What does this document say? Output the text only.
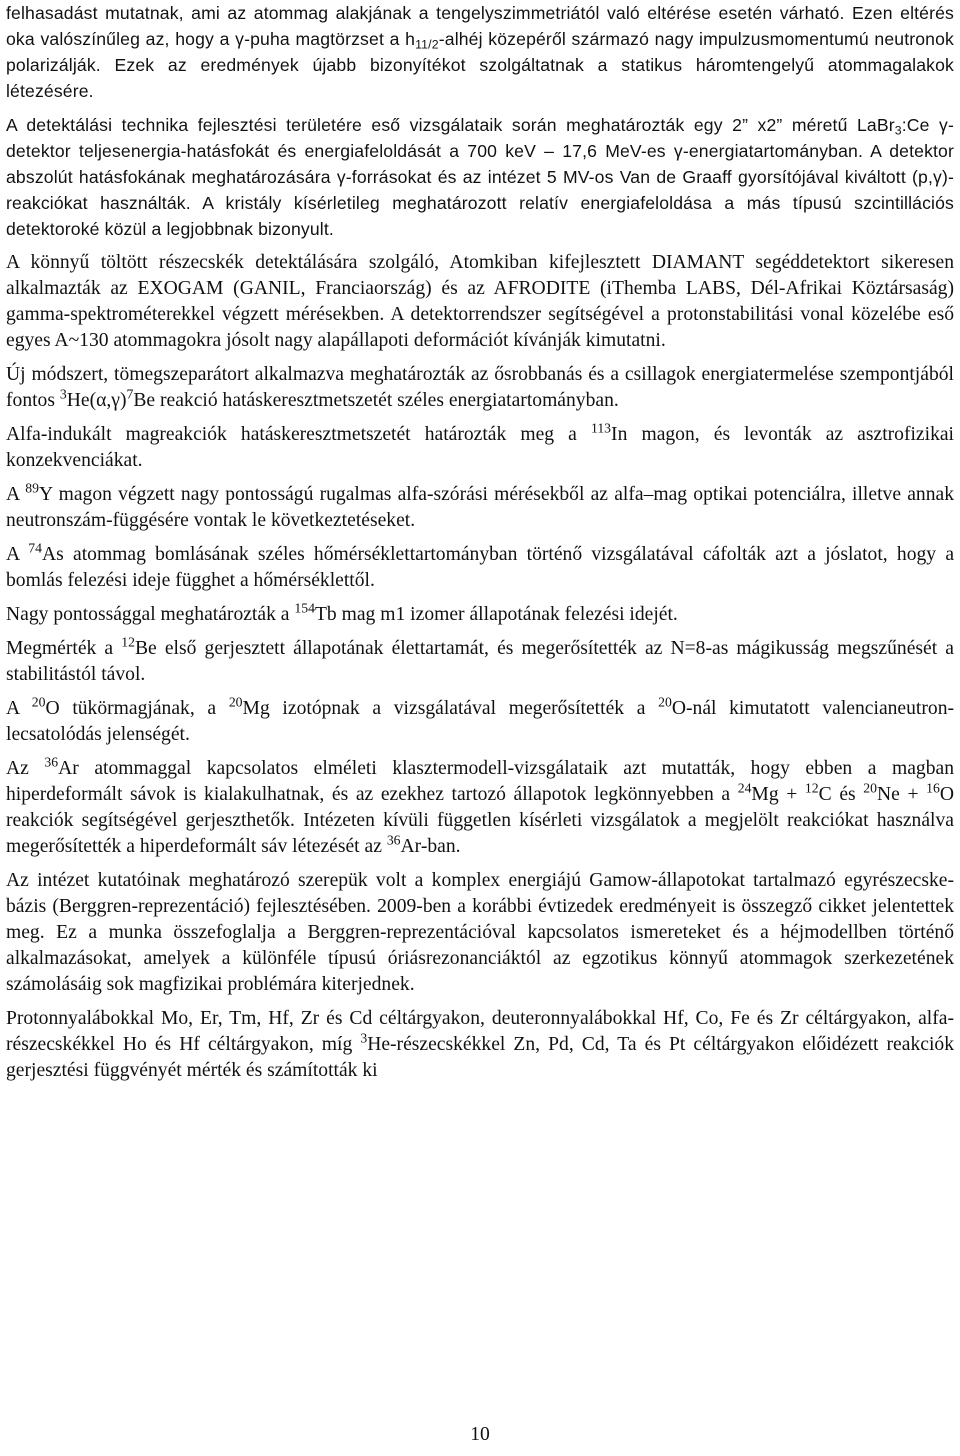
felhasadást mutatnak, ami az atommag alakjának a tengelyszimmetriától való eltérése esetén várható. Ezen eltérés oka valószínűleg az, hogy a γ-puha magtörzset a $h_{11/2}$-alhéj közepéről származó nagy impulzusmomentumú neutronok polarizálják. Ezek az eredmények újabb bizonyítékot szolgáltatnak a statikus háromtengelyű atommagalakok létezésére.

A detektálási technika fejlesztési területére eső vizsgálataik során meghatározták egy 2” x2” méretű LaBr$_3$:Ce γ-detektor teljesenergia-hatásfokát és energiafeloldását a 700 keV – 17,6 MeV-es γ-energiatartományban. A detektor abszolút hatásfokának meghatározására γ-forrásokat és az intézet 5 MV-os Van de Graaff gyorsítójával kiváltott (p,γ)-reakciókat használták. A kristály kísérletileg meghatározott relatív energiafeloldása a más típusú szcintillációs detektoroké közül a legjobbnak bizonyult.

A könnyű töltött részecskék detektálására szolgáló, Atomkiban kifejlesztett DIAMANT segéddetektort sikeresen alkalmazták az EXOGAM (GANIL, Franciaország) és az AFRODITE (iThemba LABS, Dél-Afrikai Köztársaság) gamma-spektrométerekkel végzett mérésekben. A detektorrendszer segítségével a protonstabilitási vonal közelébe eső egyes A~130 atommagokra jósolt nagy alapállapoti deformációt kívánják kimutatni.

Új módszert, tömegszeparátort alkalmazva meghatározták az ősrobbanás és a csillagok energiatermelése szempontjából fontos $^3He(\alpha,\gamma)^7Be$ reakció hatáskeresztmetszetét széles energiatartományban.

Alfa-indukált magreakciók hatáskeresztmetszetét határozták meg a $^{113}$In magon, és levonták az asztrofizikai konzekvenciákat.

A $^{89}$Y magon végzett nagy pontosságú rugalmas alfa-szórási mérésekből az alfa–mag optikai potenciálra, illetve annak neutronszám-függésére vontak le következtetéseket.

A $^{74}$As atommag bomlásának széles hőmérséklettartományban történő vizsgálatával cáfolták azt a jóslatot, hogy a bomlás felezési ideje függhet a hőmérséklettől.

Nagy pontossággal meghatározták a $^{154}$Tb mag m1 izomer állapotának felezési idejét.

Megmérték a $^{12}$Be első gerjesztett állapotának élettartamát, és megerősítették az N=8-as mágikusság megszűnését a stabilitástól távol.

A $^{20}$O tükörmagjának, a $^{20}$Mg izotópnak a vizsgálatával megerősítették a $^{20}$O-nál kimutatott valencianeutron-lecsatolódás jelenségét.

Az $^{36}$Ar atommaggal kapcsolatos elméleti klasztermodell-vizsgálataik azt mutatták, hogy ebben a magban hiperdeformált sávok is kialakulhatnak, és az ezekhez tartozó állapotok legkönnyebben a $^{24}$Mg + $^{12}$C és $^{20}$Ne + $^{16}$O reakciók segítségével gerjeszthetők. Intézeten kívüli független kísérleti vizsgálatok a megjelölt reakciókat használva megerősítették a hiperdeformált sáv létezését az $^{36}$Ar-ban.

Az intézet kutatóinak meghatározó szerepük volt a komplex energiájú Gamow-állapotokat tartalmazó egyrészecske-bázis (Berggren-reprezentáció) fejlesztésében. 2009-ben a korábbi évtizedek eredményeit is összegző cikket jelentettek meg. Ez a munka összefoglalja a Berggren-reprezentációval kapcsolatos ismereteket és a héjmodellben történő alkalmazásokat, amelyek a különféle típusú óriásrezonanciáktól az egzotikus könnyű atommagok szerkezetének számolásáig sok magfizikai problémára kiterjednek.

Protonnyalábokkal Mo, Er, Tm, Hf, Zr és Cd céltárgyakon, deuteronnyalábokkal Hf, Co, Fe és Zr céltárgyakon, alfa-részecskékkel Ho és Hf céltárgyakon, míg $^3$He-részecskékkel Zn, Pd, Cd, Ta és Pt céltárgyakon előidézett reakciók gerjesztési függvényét mérték és számították ki

10
